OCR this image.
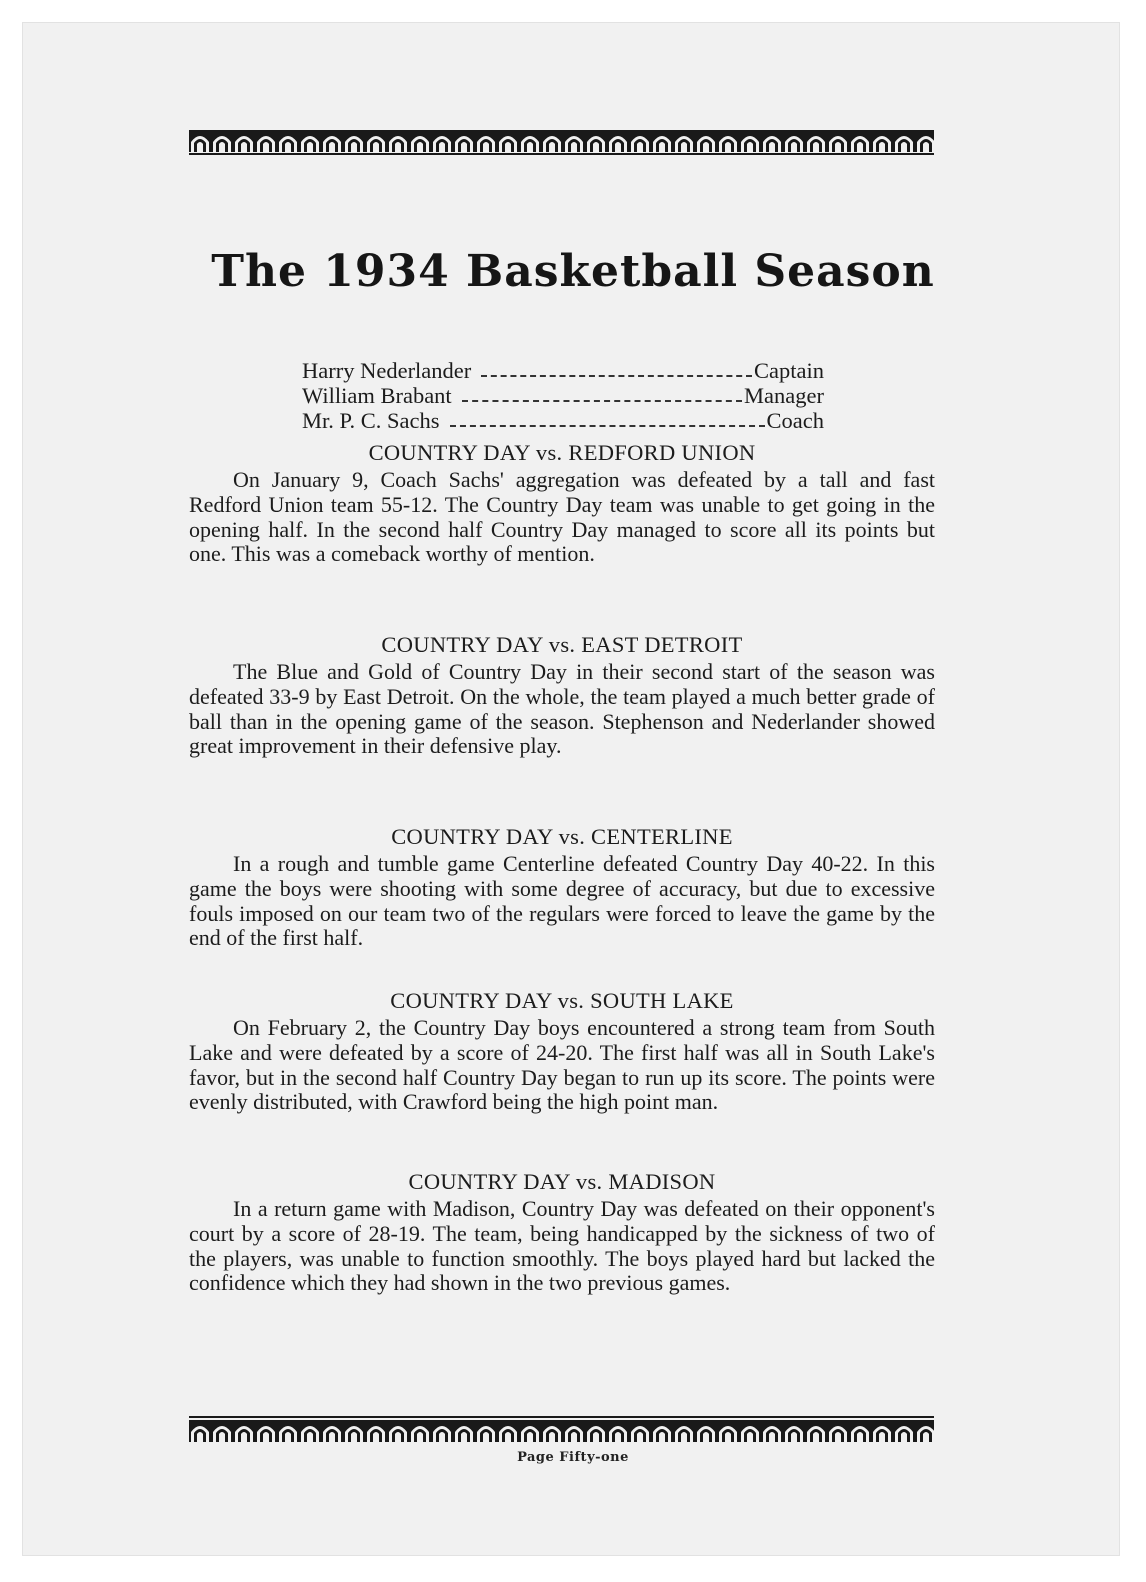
The 1934 Basketball Season
Harry Nederlander	Captain
William Brabant	Manager
Mr. P. C. Sachs	Coach
COUNTRY DAY vs. REDFORD UNION

On January 9, Coach Sachs' aggregation was defeated by a tall and fast Redford Union team 55-12. The Country Day team was unable to get going in the opening half. In the second half Country Day managed to score all its points but one. This was a comeback worthy of mention.

COUNTRY DAY vs. EAST DETROIT

The Blue and Gold of Country Day in their second start of the season was defeated 33-9 by East Detroit. On the whole, the team played a much better grade of ball than in the opening game of the season. Stephenson and Nederlander showed great improvement in their defensive play.

COUNTRY DAY vs. CENTERLINE

In a rough and tumble game Centerline defeated Country Day 40-22. In this game the boys were shooting with some degree of accuracy, but due to excessive fouls imposed on our team two of the regulars were forced to leave the game by the end of the first half.

COUNTRY DAY vs. SOUTH LAKE

On February 2, the Country Day boys encountered a strong team from South Lake and were defeated by a score of 24-20. The first half was all in South Lake's favor, but in the second half Country Day began to run up its score. The points were evenly distributed, with Crawford being the high point man.

COUNTRY DAY vs. MADISON

In a return game with Madison, Country Day was defeated on their opponent's court by a score of 28-19. The team, being handicapped by the sickness of two of the players, was unable to function smoothly. The boys played hard but lacked the confidence which they had shown in the two previous games.

Page Fifty-one
